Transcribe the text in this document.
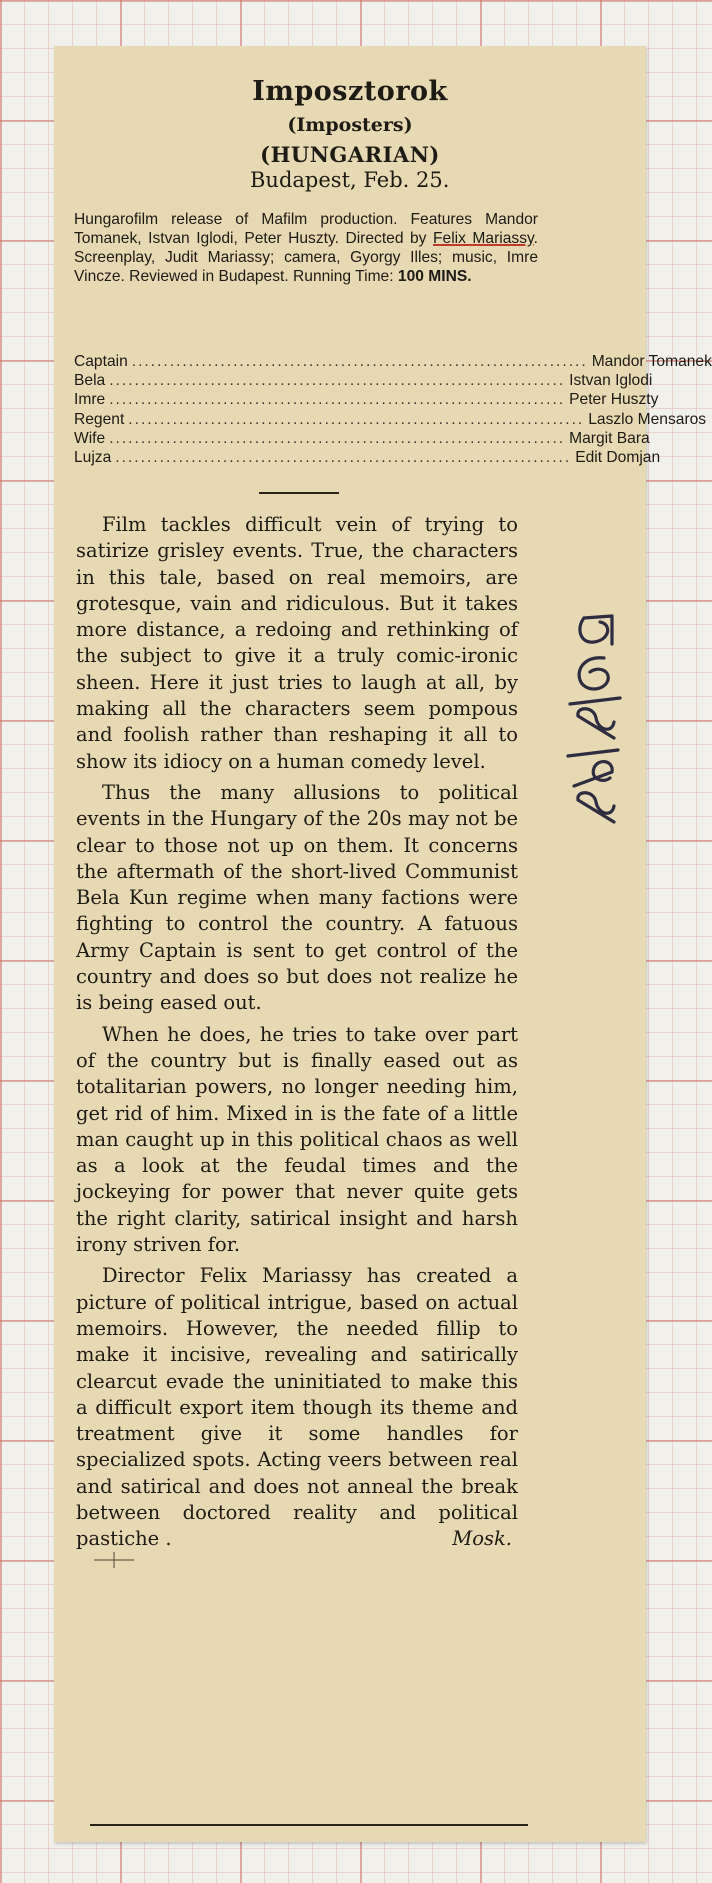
Imposztorok
(Imposters)
(HUNGARIAN)
Budapest, Feb. 25.
Hungarofilm release of Mafilm production. Features Mandor Tomanek, Istvan Iglodi, Peter Huszty. Directed by Felix Mariassy. Screenplay, Judit Mariassy; camera, Gyorgy Illes; music, Imre Vincze. Reviewed in Budapest. Running Time: 100 MINS.
Captain ........................................................................ Mandor Tomanek
Bela ........................................................................ Istvan Iglodi
Imre ........................................................................ Peter Huszty
Regent ........................................................................ Laszlo Mensaros
Wife ........................................................................ Margit Bara
Lujza ........................................................................ Edit Domjan

Film tackles difficult vein of trying to satirize grisley events. True, the characters in this tale, based on real memoirs, are grotesque, vain and ridiculous. But it takes more distance, a redoing and rethinking of the subject to give it a truly comic-ironic sheen. Here it just tries to laugh at all, by making all the characters seem pompous and foolish rather than reshaping it all to show its idiocy on a human comedy level.

Thus the many allusions to political events in the Hungary of the 20s may not be clear to those not up on them. It concerns the aftermath of the short-lived Communist Bela Kun regime when many factions were fighting to control the country. A fatuous Army Captain is sent to get control of the country and does so but does not realize he is being eased out.

When he does, he tries to take over part of the country but is finally eased out as totalitarian powers, no longer needing him, get rid of him. Mixed in is the fate of a little man caught up in this political chaos as well as a look at the feudal times and the jockeying for power that never quite gets the right clarity, satirical insight and harsh irony striven for.

Director Felix Mariassy has created a picture of political intrigue, based on actual memoirs. However, the needed fillip to make it incisive, revealing and satirically clearcut evade the uninitiated to make this a difficult export item though its theme and treatment give it some handles for specialized spots. Acting veers between real and satirical and does not anneal the break between doctored reality and political pastiche .	Mosk.
